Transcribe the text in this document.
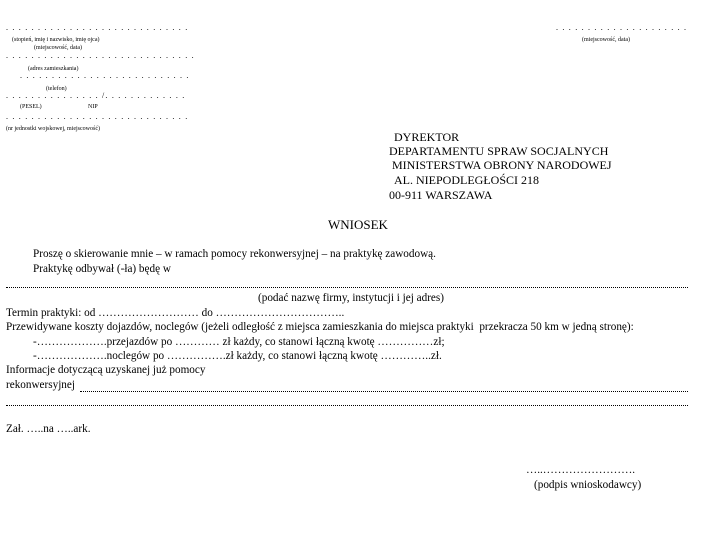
. . . . . . . . . . . . . . . . . . . . . . . . . . . . .
(stopień, imię i nazwisko, imię ojca)
(miejscowość, data)
. . . . . . . . . . . . . . . . . . . . . . . . . . . . . .
(adres zamieszkania)
. . . . . . . . . . . . . . . . . . . . . . . . . . .
(telefon)
. . . . . . . . . . . . . . . /. . . . . . . . . . . . .
(PESEL)	NIP
. . . . . . . . . . . . . . . . . . . . . . . . . . . . .
(nr jednostki wojskowej, miejscowość)
. . . . . . . . . . . . . . . . . . . . .
(miejscowość, data)
DYREKTOR
DEPARTAMENTU SPRAW SOCJALNYCH
MINISTERSTWA OBRONY NARODOWEJ
AL. NIEPODLEGŁOŚCI 218
00-911 WARSZAWA
WNIOSEK
Proszę o skierowanie mnie – w ramach pomocy rekonwersyjnej – na praktykę zawodową.
Praktykę odbywał (-ła) będę w
(podać nazwę firmy, instytucji i jej adres)
Termin praktyki: od ……………………… do ……………………………..
Przewidywane koszty dojazdów, noclegów (jeżeli odległość z miejsca zamieszkania do miejsca praktyki  przekracza 50 km w jedną stronę):
-……………….przejazdów po ………… zł każdy, co stanowi łączną kwotę ……………zł;
-……………….noclegów po …………….zł każdy, co stanowi łączną kwotę …………..zł.
Informacje dotyczącą uzyskanej już pomocy
rekonwersyjnej
Zał. …..na …..ark.
…..…………………….
(podpis wnioskodawcy)
